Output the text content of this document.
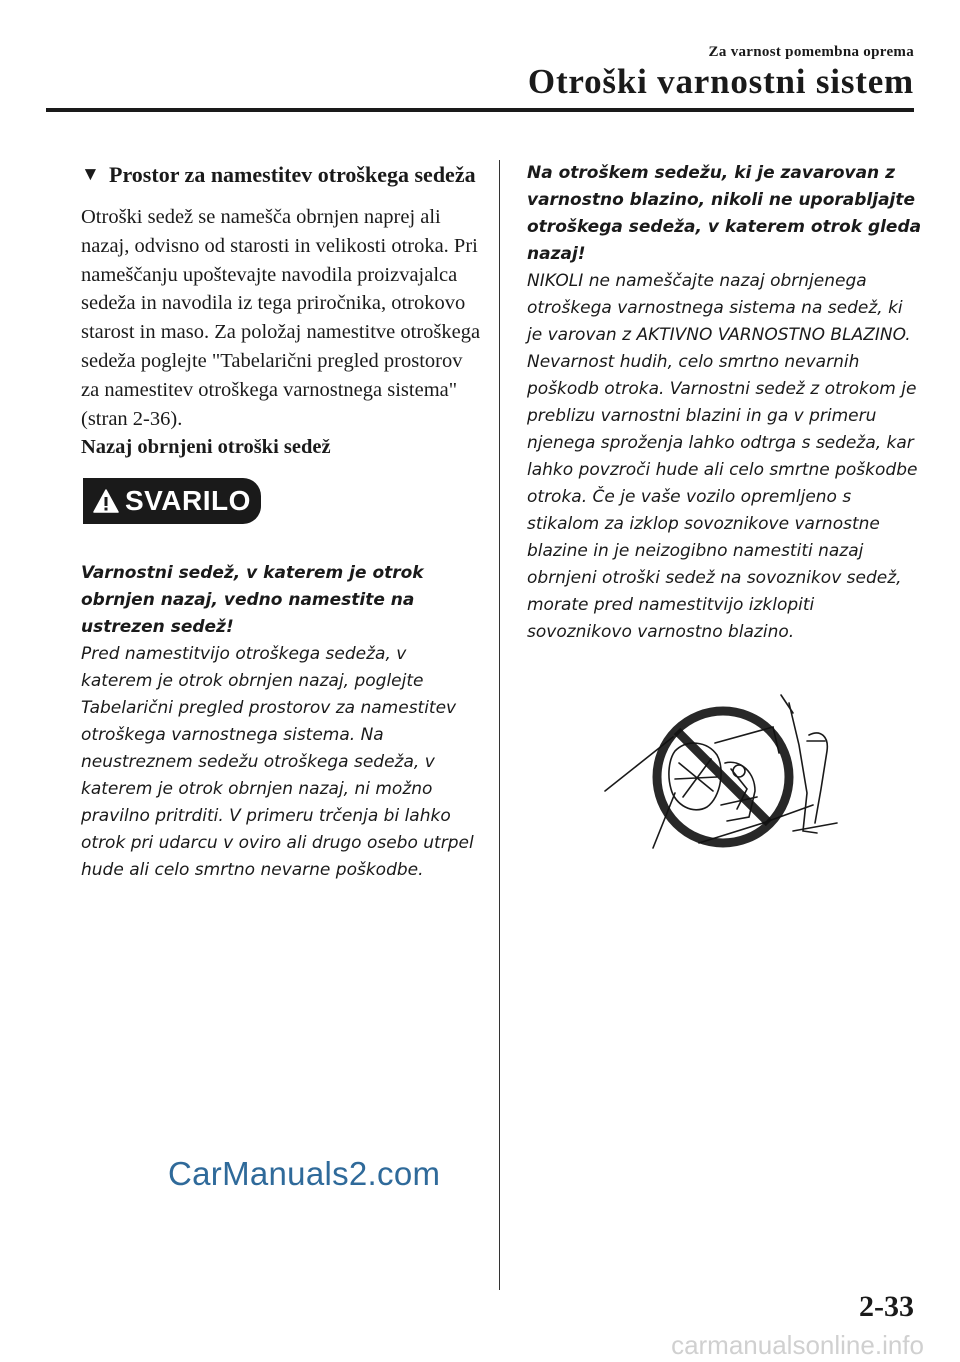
Za varnost pomembna oprema
Otroški varnostni sistem
▼ Prostor za namestitev otroškega sedeža

Otroški sedež se namešča obrnjen naprej ali nazaj, odvisno od starosti in velikosti otroka. Pri nameščanju upoštevajte navodila proizvajalca sedeža in navodila iz tega priročnika, otrokovo starost in maso. Za položaj namestitve otroškega sedeža poglejte "Tabelarični pregled prostorov za namestitev otroškega varnostnega sistema" (stran 2-36).

Nazaj obrnjeni otroški sedež

SVARILO

Varnostni sedež, v katerem je otrok obrnjen nazaj, vedno namestite na ustrezen sedež!

Pred namestitvijo otroškega sedeža, v katerem je otrok obrnjen nazaj, poglejte Tabelarični pregled prostorov za namestitev otroškega varnostnega sistema. Na neustreznem sedežu otroškega sedeža, v katerem je otrok obrnjen nazaj, ni možno pravilno pritrditi. V primeru trčenja bi lahko otrok pri udarcu v oviro ali drugo osebo utrpel hude ali celo smrtno nevarne poškodbe.

Na otroškem sedežu, ki je zavarovan z varnostno blazino, nikoli ne uporabljajte otroškega sedeža, v katerem otrok gleda nazaj!

NIKOLI ne nameščajte nazaj obrnjenega otroškega varnostnega sistema na sedež, ki je varovan z AKTIVNO VARNOSTNO BLAZINO. Nevarnost hudih, celo smrtno nevarnih poškodb otroka. Varnostni sedež z otrokom je preblizu varnostni blazini in ga v primeru njenega sproženja lahko odtrga s sedeža, kar lahko povzroči hude ali celo smrtne poškodbe otroka. Če je vaše vozilo opremljeno s stikalom za izklop sovoznikove varnostne blazine in je neizogibno namestiti nazaj obrnjeni otroški sedež na sovoznikov sedež, morate pred namestitvijo izklopiti sovoznikovo varnostno blazino.

CarManuals2.com
2-33
carmanualsonline.info
